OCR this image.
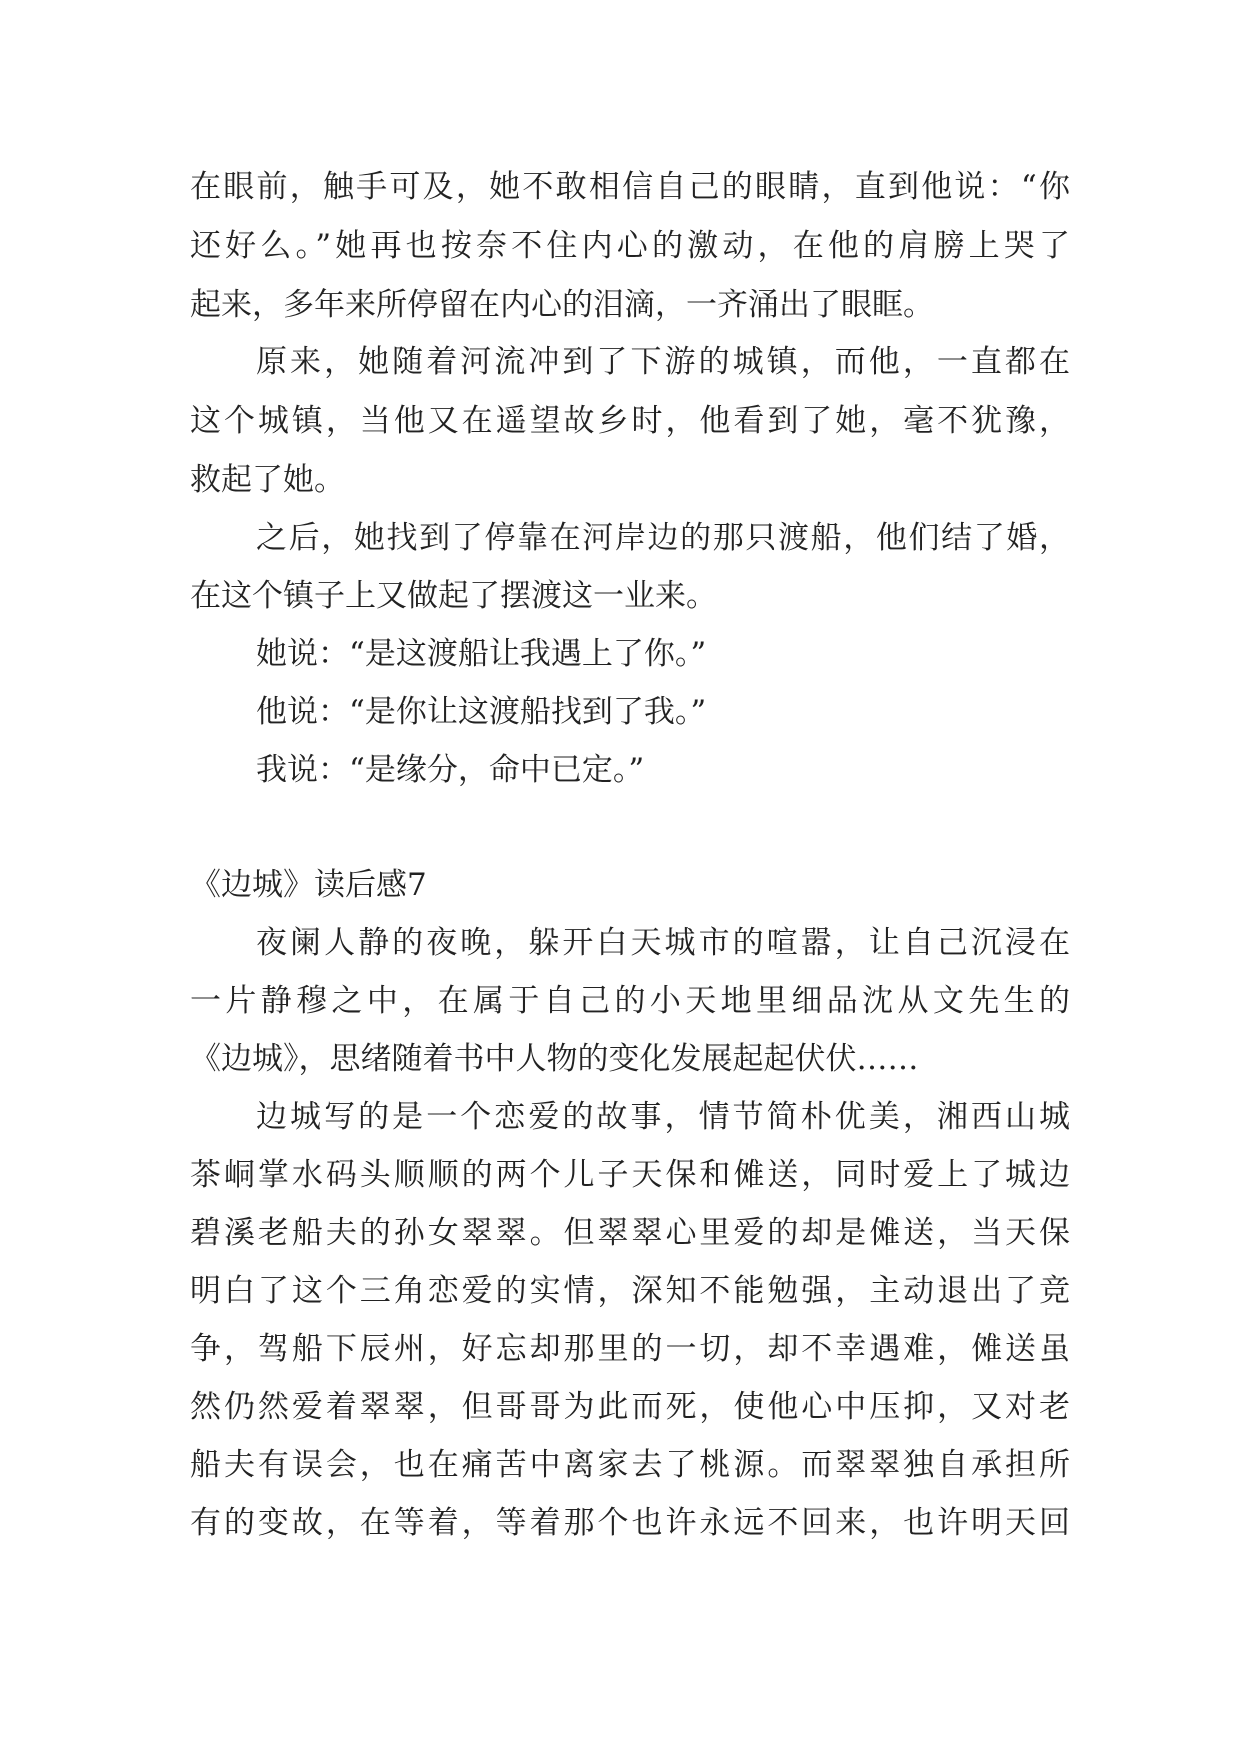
在眼前，触手可及，她不敢相信自己的眼睛，直到他说：“你
还好么。”她再也按奈不住内心的激动，在他的肩膀上哭了
起来，多年来所停留在内心的泪滴，一齐涌出了眼眶。
原来，她随着河流冲到了下游的城镇，而他，一直都在
这个城镇，当他又在遥望故乡时，他看到了她，毫不犹豫，
救起了她。
之后，她找到了停靠在河岸边的那只渡船，他们结了婚，
在这个镇子上又做起了摆渡这一业来。
她说：“是这渡船让我遇上了你。”
他说：“是你让这渡船找到了我。”
我说：“是缘分，命中已定。”
《边城》读后感7
夜阑人静的夜晚，躲开白天城市的喧嚣，让自己沉浸在
一片静穆之中，在属于自己的小天地里细品沈从文先生的
《边城》，思绪随着书中人物的变化发展起起伏伏……
边城写的是一个恋爱的故事，情节简朴优美，湘西山城
茶峒掌水码头顺顺的两个儿子天保和傩送，同时爱上了城边
碧溪老船夫的孙女翠翠。但翠翠心里爱的却是傩送，当天保
明白了这个三角恋爱的实情，深知不能勉强，主动退出了竞
争，驾船下辰州，好忘却那里的一切，却不幸遇难，傩送虽
然仍然爱着翠翠，但哥哥为此而死，使他心中压抑，又对老
船夫有误会，也在痛苦中离家去了桃源。而翠翠独自承担所
有的变故，在等着，等着那个也许永远不回来，也许明天回
